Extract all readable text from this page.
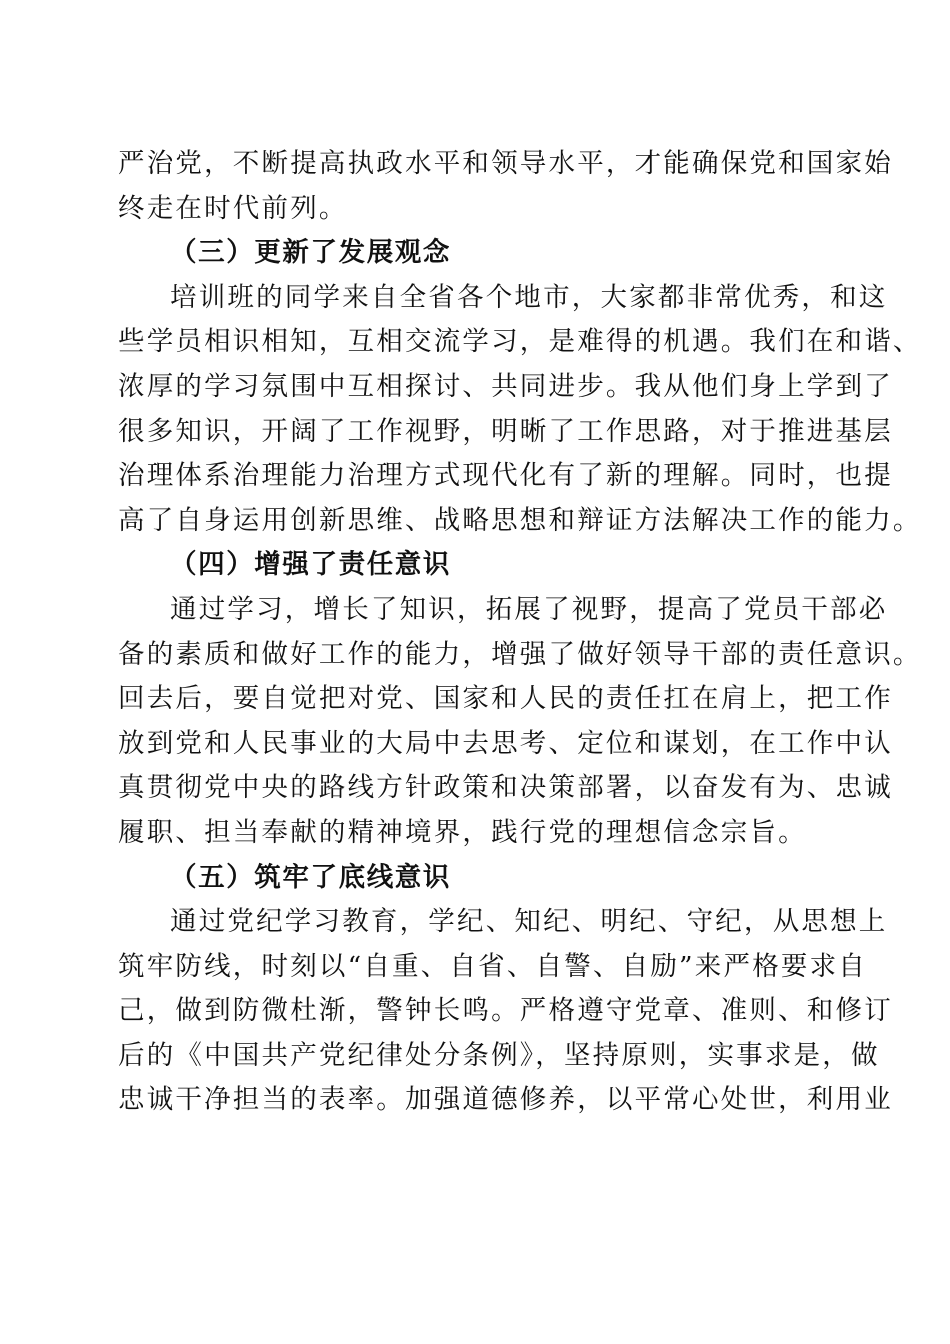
严治党，不断提高执政水平和领导水平，才能确保党和国家始
终走在时代前列。
（三）更新了发展观念
培训班的同学来自全省各个地市，大家都非常优秀，和这
些学员相识相知，互相交流学习，是难得的机遇。我们在和谐、
浓厚的学习氛围中互相探讨、共同进步。我从他们身上学到了
很多知识，开阔了工作视野，明晰了工作思路，对于推进基层
治理体系治理能力治理方式现代化有了新的理解。同时，也提
高了自身运用创新思维、战略思想和辩证方法解决工作的能力。
（四）增强了责任意识
通过学习，增长了知识，拓展了视野，提高了党员干部必
备的素质和做好工作的能力，增强了做好领导干部的责任意识。
回去后，要自觉把对党、国家和人民的责任扛在肩上，把工作
放到党和人民事业的大局中去思考、定位和谋划，在工作中认
真贯彻党中央的路线方针政策和决策部署，以奋发有为、忠诚
履职、担当奉献的精神境界，践行党的理想信念宗旨。
（五）筑牢了底线意识
通过党纪学习教育，学纪、知纪、明纪、守纪，从思想上
筑牢防线，时刻以“自重、自省、自警、自励”来严格要求自
己，做到防微杜渐，警钟长鸣。严格遵守党章、准则、和修订
后的《中国共产党纪律处分条例》，坚持原则，实事求是，做
忠诚干净担当的表率。加强道德修养，以平常心处世，利用业
